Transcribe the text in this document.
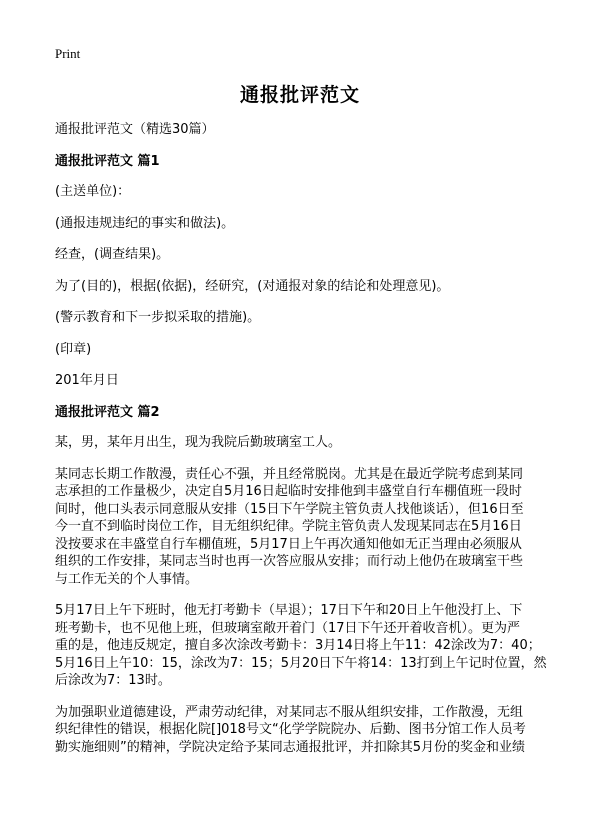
Print
通报批评范文
通报批评范文（精选30篇）
通报批评范文 篇1
(主送单位)：
(通报违规违纪的事实和做法)。
经查，(调查结果)。
为了(目的)，根据(依据)，经研究，(对通报对象的结论和处理意见)。
(警示教育和下一步拟采取的措施)。
(印章)
201年月日
通报批评范文 篇2
某，男，某年月出生，现为我院后勤玻璃室工人。
某同志长期工作散漫，责任心不强，并且经常脱岗。尤其是在最近学院考虑到某同
志承担的工作量极少，决定自5月16日起临时安排他到丰盛堂自行车棚值班一段时
间时，他口头表示同意服从安排（15日下午学院主管负责人找他谈话），但16日至
今一直不到临时岗位工作，目无组织纪律。学院主管负责人发现某同志在5月16日
没按要求在丰盛堂自行车棚值班，5月17日上午再次通知他如无正当理由必须服从
组织的工作安排，某同志当时也再一次答应服从安排；而行动上他仍在玻璃室干些
与工作无关的个人事情。
5月17日上午下班时，他无打考勤卡（早退）；17日下午和20日上午他没打上、下
班考勤卡，也不见他上班，但玻璃室敞开着门（17日下午还开着收音机）。更为严
重的是，他违反规定，擅自多次涂改考勤卡：3月14日将上午11：42涂改为7：40；
5月16日上午10：15，涂改为7：15；5月20日下午将14：13打到上午记时位置，然
后涂改为7：13时。
为加强职业道德建设，严肃劳动纪律，对某同志不服从组织安排，工作散漫，无组
织纪律性的错误，根据化院[]018号文“化学学院院办、后勤、图书分馆工作人员考
勤实施细则”的精神，学院决定给予某同志通报批评，并扣除其5月份的奖金和业绩
